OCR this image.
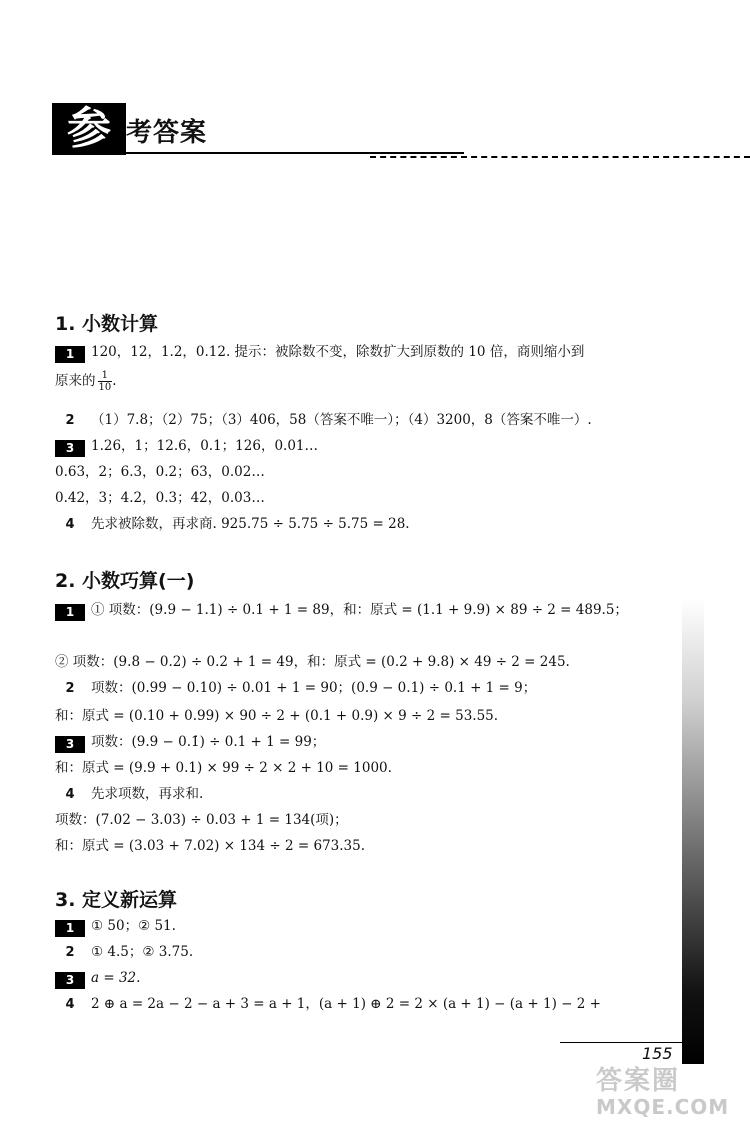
参 考答案
1. 小数计算
1 120，12，1.2，0.12. 提示：被除数不变，除数扩大到原数的 10 倍，商则缩小到
原来的 $\frac{1}{10}$ .
2 （1）7.8；（2）75；（3）406，58（答案不唯一）；（4）3200，8（答案不唯一）.
3 1.26，1；12.6，0.1；126，0.01…
0.63，2；6.3，0.2；63，0.02…
0.42，3；4.2，0.3；42，0.03…
4 先求被除数，再求商. 925.75 ÷ 5.75 ÷ 5.75 = 28.
2. 小数巧算(一)
1 ① 项数：(9.9 − 1.1) ÷ 0.1 + 1 = 89，和：原式 = (1.1 + 9.9) × 89 ÷ 2 = 489.5；
② 项数：(9.8 − 0.2) ÷ 0.2 + 1 = 49，和：原式 = (0.2 + 9.8) × 49 ÷ 2 = 245.
2 项数：(0.99 − 0.10) ÷ 0.01 + 1 = 90；(0.9 − 0.1) ÷ 0.1 + 1 = 9；
和：原式 = (0.10 + 0.99) × 90 ÷ 2 + (0.1 + 0.9) × 9 ÷ 2 = 53.55.
3 项数：(9.9 − 0.1̇) ÷ 0.1 + 1 = 99；
和：原式 = (9.9 + 0.1) × 99 ÷ 2 × 2 + 10 = 1000.
4 先求项数，再求和.
项数：(7.02 − 3.03) ÷ 0.03 + 1 = 134(项)；
和：原式 = (3.03 + 7.02) × 134 ÷ 2 = 673.35.
3. 定义新运算
1 ① 50；② 51.
2 ① 4.5；② 3.75.
3 a = 32.
4 2 ⊕ a = 2a − 2 − a + 3 = a + 1，(a + 1) ⊕ 2 = 2 × (a + 1) − (a + 1) − 2 +
155
答案圈
MXQE.COM
